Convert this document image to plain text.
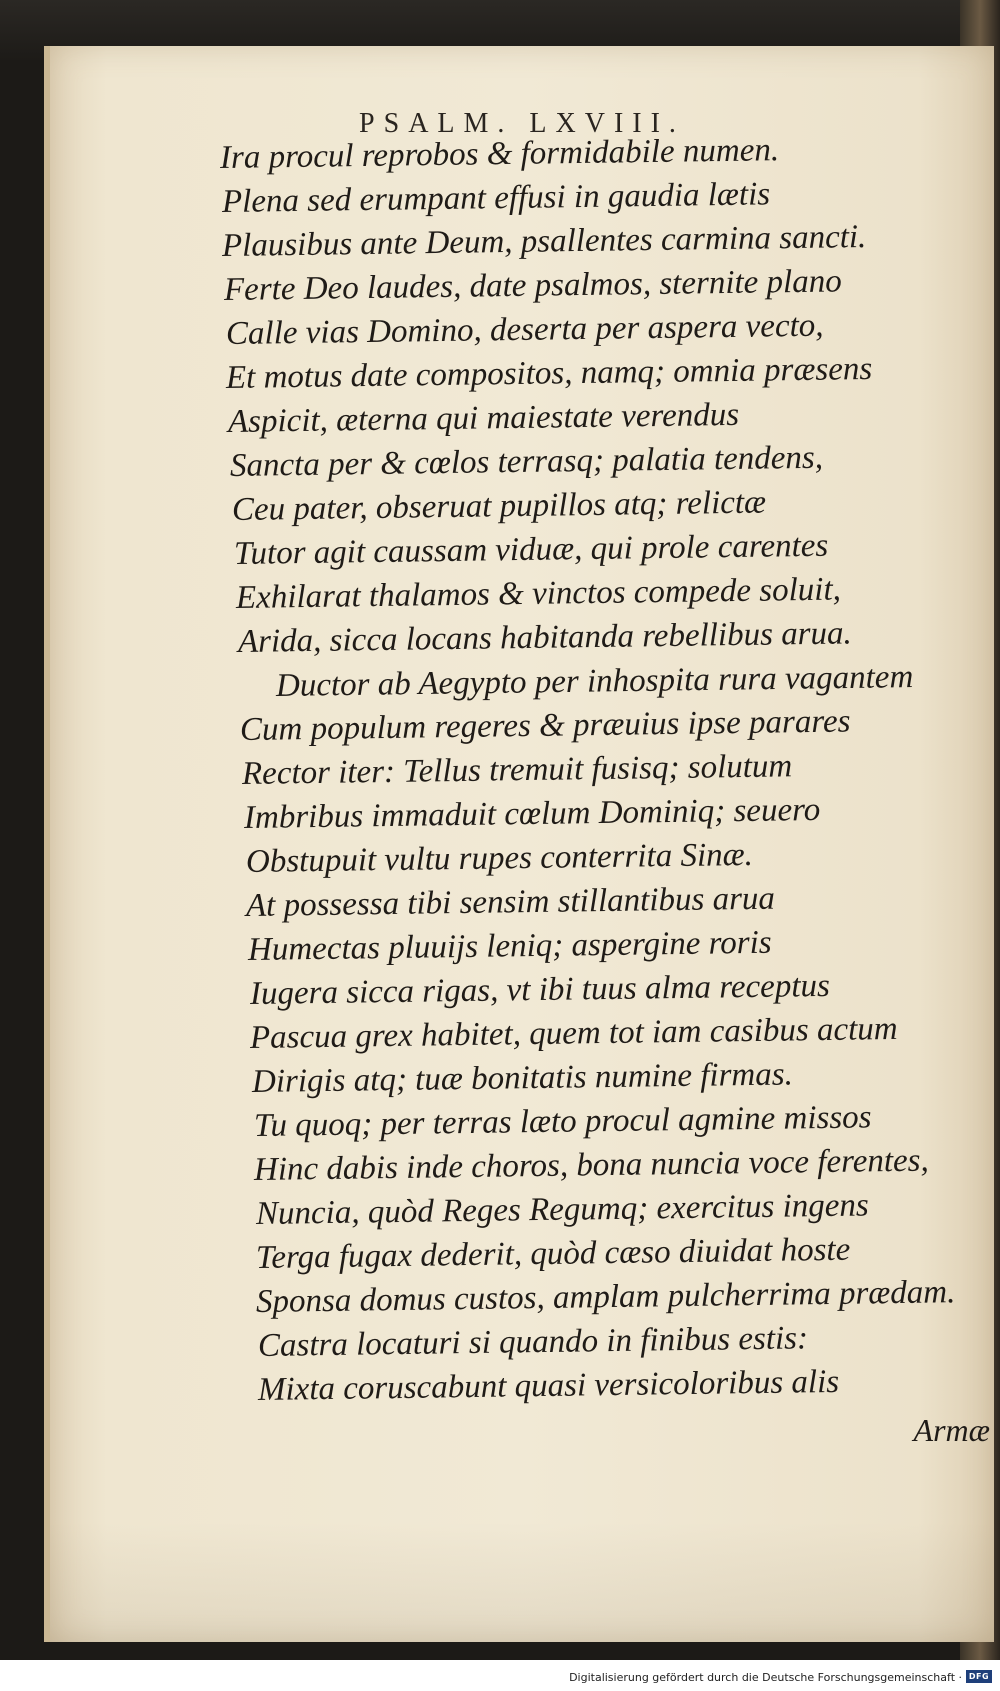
PSALM. LXVIII.
Ira procul reprobos & formidabile numen.
Plena sed erumpant effusi in gaudia lætis
Plausibus ante Deum, psallentes carmina sancti.
Ferte Deo laudes, date psalmos, sternite plano
Calle vias Domino, deserta per aspera vecto,
Et motus date compositos, namq; omnia præsens
Aspicit, æterna qui maiestate verendus
Sancta per & cœlos terrasq; palatia tendens,
Ceu pater, obseruat pupillos atq; relictæ
Tutor agit caussam viduæ, qui prole carentes
Exhilarat thalamos & vinctos compede soluit,
Arida, sicca locans habitanda rebellibus arua.
Ductor ab Aegypto per inhospita rura vagantem
Cum populum regeres & præuius ipse parares
Rector iter: Tellus tremuit fusisq; solutum
Imbribus immaduit cœlum Dominiq; seuero
Obstupuit vultu rupes conterrita Sinæ.
At possessa tibi sensim stillantibus arua
Humectas pluuijs leniq; aspergine roris
Iugera sicca rigas, vt ibi tuus alma receptus
Pascua grex habitet, quem tot iam casibus actum
Dirigis atq; tuæ bonitatis numine firmas.
Tu quoq; per terras læto procul agmine missos
Hinc dabis inde choros, bona nuncia voce ferentes,
Nuncia, quòd Reges Regumq; exercitus ingens
Terga fugax dederit, quòd cæso diuidat hoste
Sponsa domus custos, amplam pulcherrima prædam.
Castra locaturi si quando in finibus estis:
Mixta coruscabunt quasi versicoloribus alis
Armæ
Digitalisierung gefördert durch die Deutsche Forschungsgemeinschaft · DFG
